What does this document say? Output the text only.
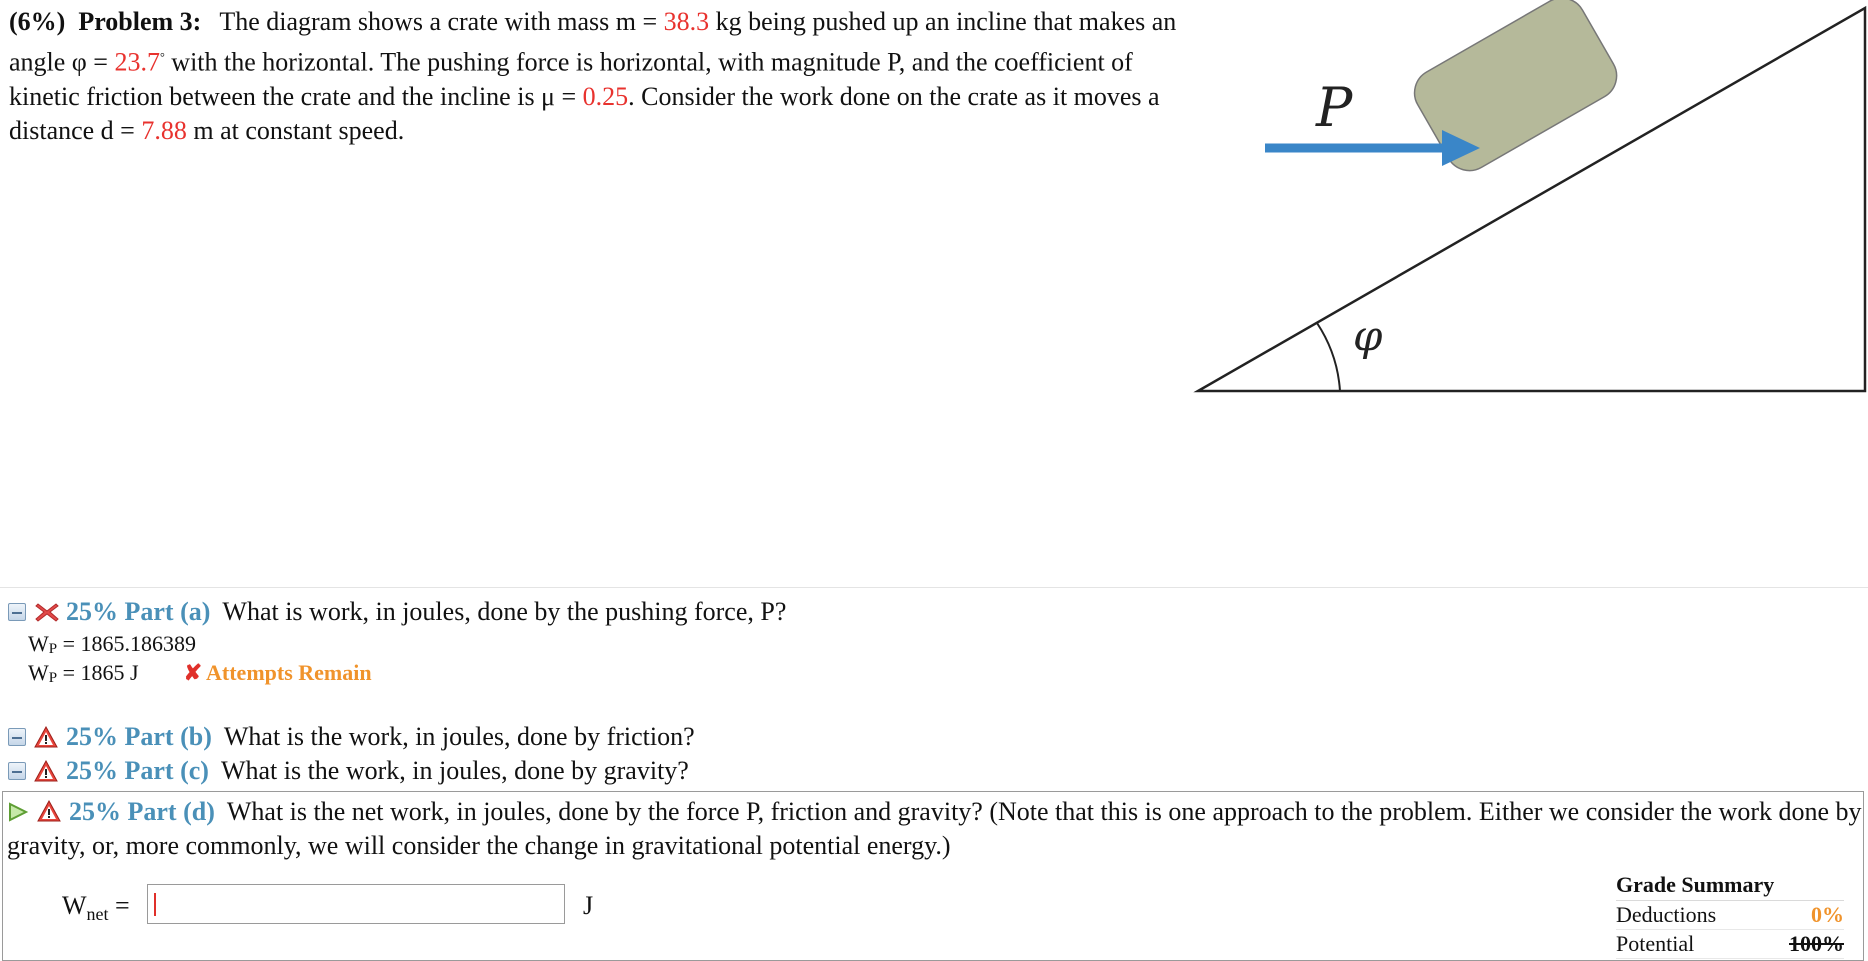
(6%) Problem 3: The diagram shows a crate with mass m = 38.3 kg being pushed up an incline that makes an angle φ = 23.7° with the horizontal. The pushing force is horizontal, with magnitude P, and the coefficient of kinetic friction between the crate and the incline is μ = 0.25. Consider the work done on the crate as it moves a distance d = 7.88 m at constant speed.
φ
P
25% Part (a) What is work, in joules, done by the pushing force, P?
$W_P = 1865.186389$
$W_P = 1865$ J ✘ Attempts Remain
25% Part (b) What is the work, in joules, done by friction?
25% Part (c) What is the work, in joules, done by gravity?
25% Part (d) What is the net work, in joules, done by the force P, friction and gravity? (Note that this is one approach to the problem. Either we consider the work done by gravity, or, more commonly, we will consider the change in gravitational potential energy.)
$W_{net}$ =	J
Grade Summary
Deductions	0%
Potential	100%
